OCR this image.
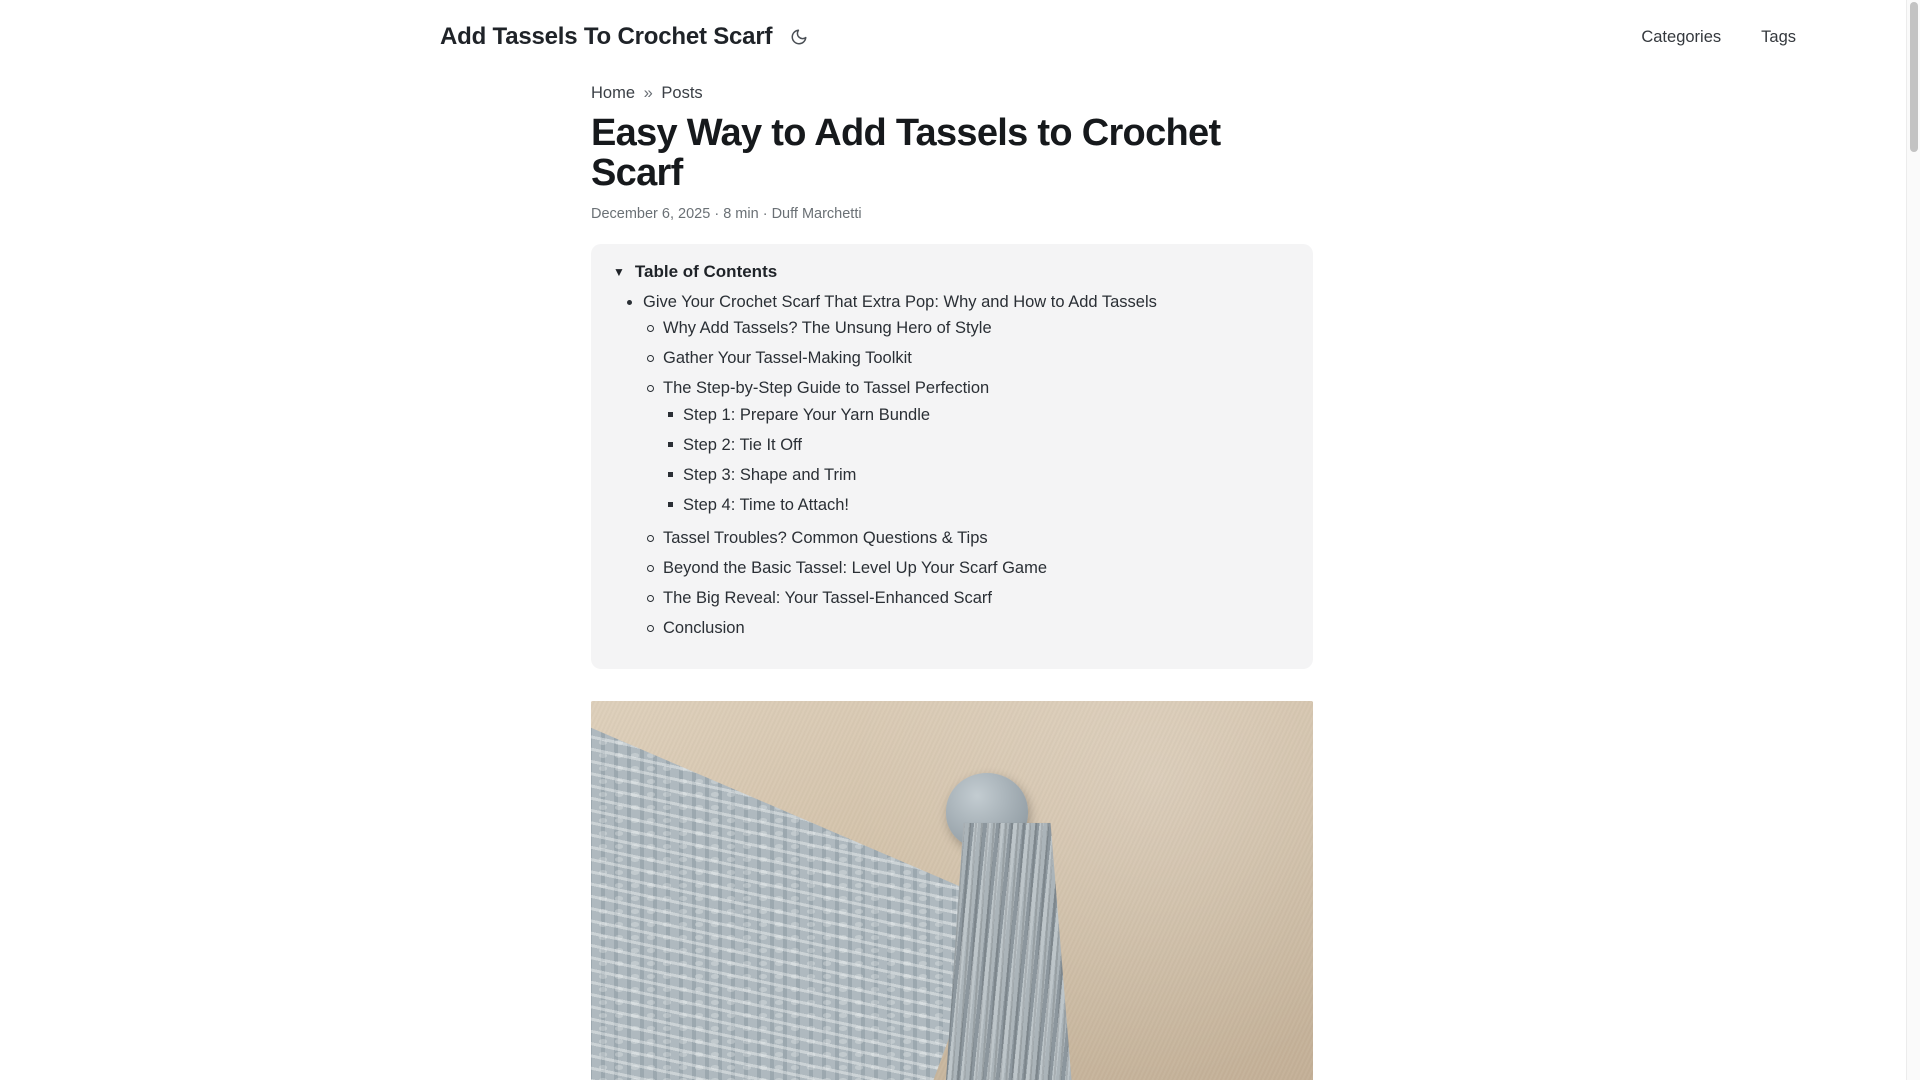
Add Tassels To Crochet Scarf	Categories Tags
Home » Posts
Easy Way to Add Tassels to Crochet Scarf
December 6, 2025 · 8 min · Duff Marchetti
▼ Table of Contents
Give Your Crochet Scarf That Extra Pop: Why and How to Add Tassels
Why Add Tassels? The Unsung Hero of Style
Gather Your Tassel-Making Toolkit
The Step-by-Step Guide to Tassel Perfection
Step 1: Prepare Your Yarn Bundle
Step 2: Tie It Off
Step 3: Shape and Trim
Step 4: Time to Attach!
Tassel Troubles? Common Questions & Tips
Beyond the Basic Tassel: Level Up Your Scarf Game
The Big Reveal: Your Tassel-Enhanced Scarf
Conclusion
